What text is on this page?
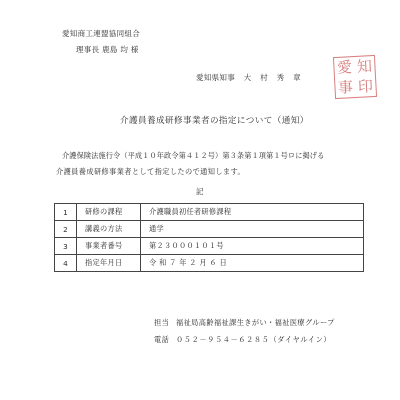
愛知商工連盟協同組合
理事長 鹿島 均 様
愛知県知事 大 村 秀 章
愛 知
事 印
介護員養成研修事業者の指定について（通知）
介護保険法施行令（平成１０年政令第４１２号）第３条第１項第１号ロに掲げる
介護員養成研修事業者として指定したので通知します。
記
1	研修の課程	介護職員初任者研修課程
2	講義の方法	通学
3	事業者番号	第２３０００１０１号
4	指定年月日	令 和 ７ 年 ２ 月 ６ 日
担当 福祉局高齢福祉課生きがい・福祉医療グループ
電話 ０５２－９５４－６２８５（ダイヤルイン）
